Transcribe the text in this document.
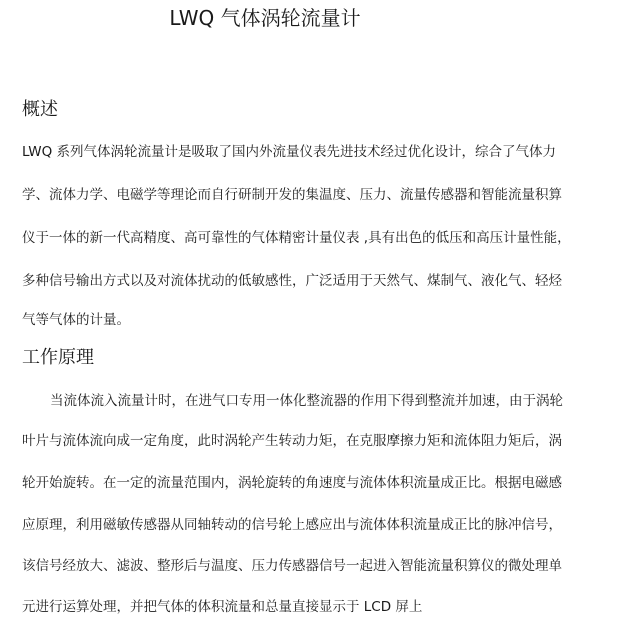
LWQ 气体涡轮流量计
概述
LWQ 系列气体涡轮流量计是吸取了国内外流量仪表先进技术经过优化设计，综合了气体力
学、流体力学、电磁学等理论而自行研制开发的集温度、压力、流量传感器和智能流量积算
仪于一体的新一代高精度、高可靠性的气体精密计量仪表 ,具有出色的低压和高压计量性能，
多种信号输出方式以及对流体扰动的低敏感性，广泛适用于天然气、煤制气、液化气、轻烃
气等气体的计量。
工作原理
当流体流入流量计时，在进气口专用一体化整流器的作用下得到整流并加速，由于涡轮
叶片与流体流向成一定角度，此时涡轮产生转动力矩，在克服摩擦力矩和流体阻力矩后，涡
轮开始旋转。在一定的流量范围内，涡轮旋转的角速度与流体体积流量成正比。根据电磁感
应原理，利用磁敏传感器从同轴转动的信号轮上感应出与流体体积流量成正比的脉冲信号，
该信号经放大、滤波、整形后与温度、压力传感器信号一起进入智能流量积算仪的微处理单
元进行运算处理，并把气体的体积流量和总量直接显示于 LCD 屏上
